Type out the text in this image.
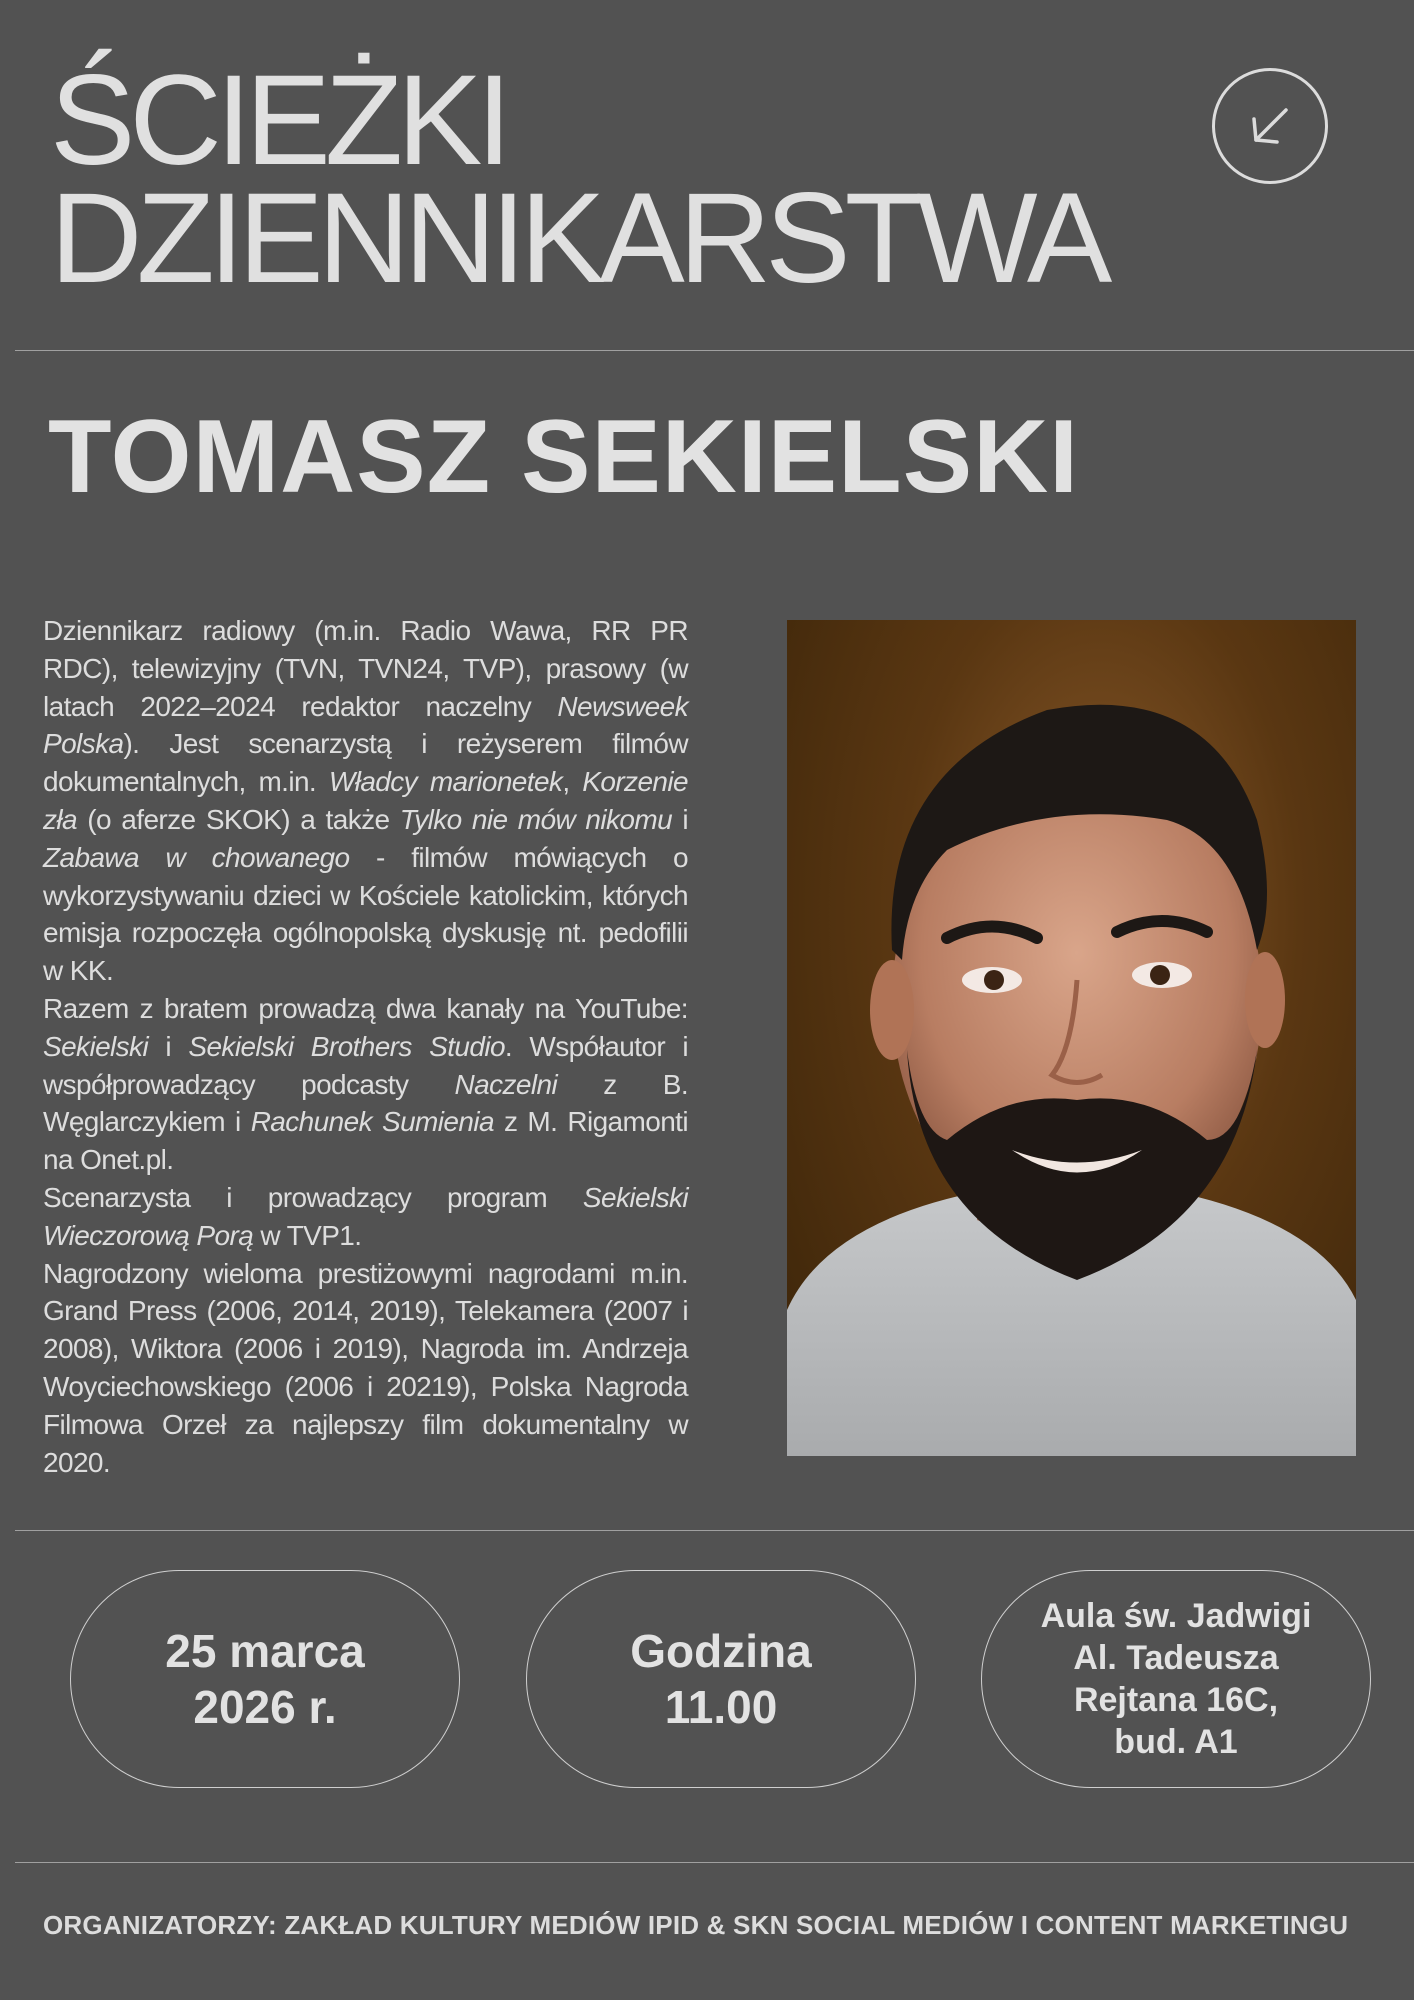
ŚCIEŻKI
DZIENNIKARSTWA
TOMASZ SEKIELSKI

Dziennikarz radiowy (m.in. Radio Wawa, RR PR RDC), telewizyjny (TVN, TVN24, TVP), prasowy (w latach 2022–2024 redaktor naczelny Newsweek Polska). Jest scenarzystą i reżyserem filmów dokumentalnych, m.in. Władcy marionetek, Korzenie zła (o aferze SKOK) a także Tylko nie mów nikomu i Zabawa w chowanego - filmów mówiących o wykorzystywaniu dzieci w Kościele katolickim, których emisja rozpoczęła ogólnopolską dyskusję nt. pedofilii w KK.

Razem z bratem prowadzą dwa kanały na YouTube: Sekielski i Sekielski Brothers Studio. Współautor i współprowadzący podcasty Naczelni z B. Węglarczykiem i Rachunek Sumienia z M. Rigamonti na Onet.pl.

Scenarzysta i prowadzący program Sekielski Wieczorową Porą w TVP1.

Nagrodzony wieloma prestiżowymi nagrodami m.in. Grand Press (2006, 2014, 2019), Telekamera (2007 i 2008), Wiktora (2006 i 2019), Nagroda im. Andrzeja Woyciechowskiego (2006 i 20219), Polska Nagroda Filmowa Orzeł za najlepszy film dokumentalny w 2020.

25 marca
2026 r.
Godzina
11.00
Aula św. Jadwigi
Al. Tadeusza
Rejtana 16C,
bud. A1
ORGANIZATORZY: ZAKŁAD KULTURY MEDIÓW IPID & SKN SOCIAL MEDIÓW I CONTENT MARKETINGU
